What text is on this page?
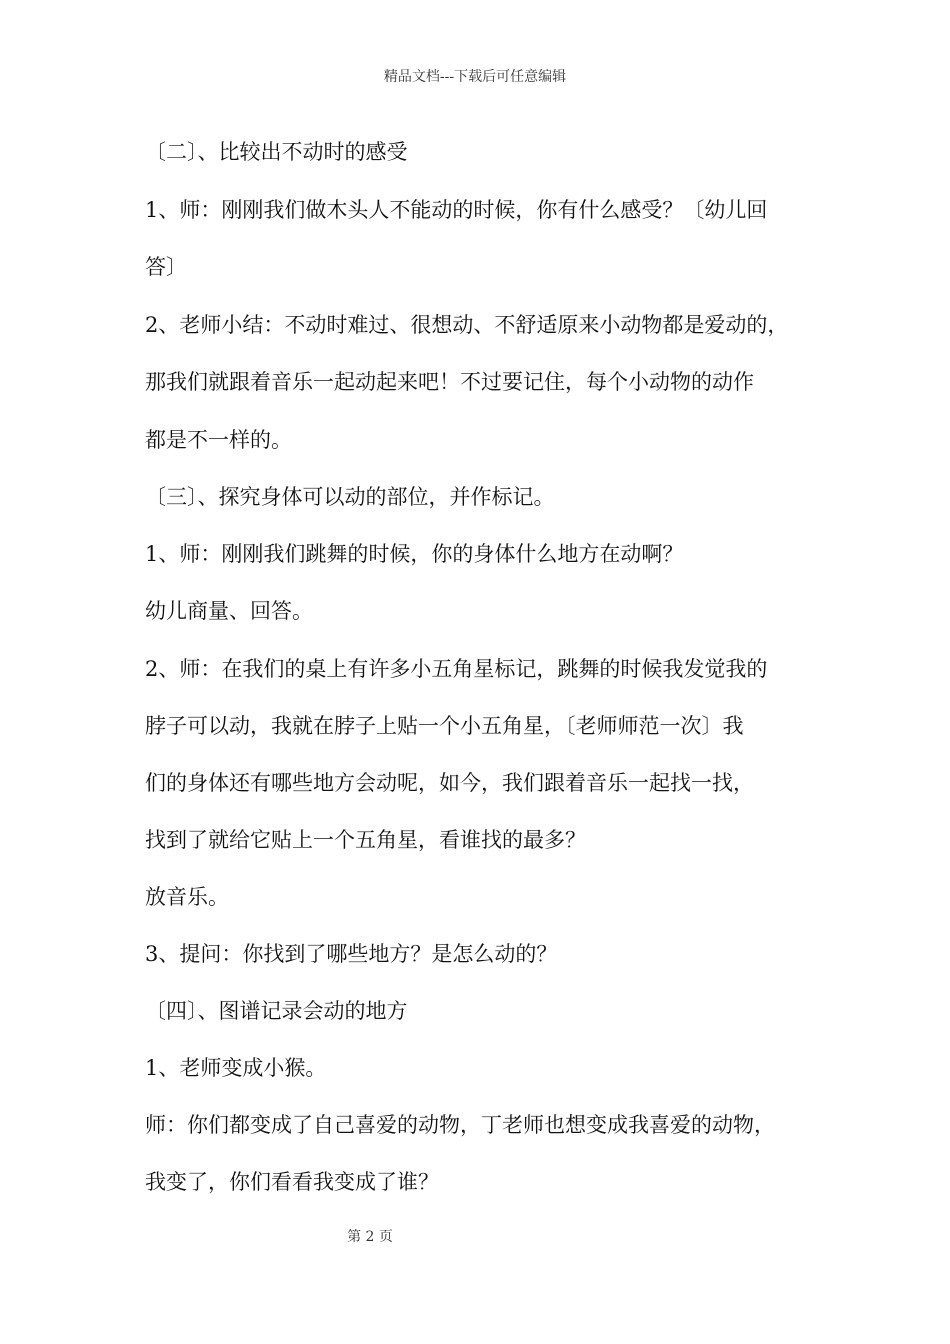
精品文档---下载后可任意编辑
〔二〕、比较出不动时的感受
1、师：刚刚我们做木头人不能动的时候，你有什么感受？〔幼儿回
答〕
2、老师小结：不动时难过、很想动、不舒适原来小动物都是爱动的，
那我们就跟着音乐一起动起来吧！不过要记住，每个小动物的动作
都是不一样的。
〔三〕、探究身体可以动的部位，并作标记。
1、师：刚刚我们跳舞的时候，你的身体什么地方在动啊？
幼儿商量、回答。
2、师：在我们的桌上有许多小五角星标记，跳舞的时候我发觉我的
脖子可以动，我就在脖子上贴一个小五角星，〔老师师范一次〕我
们的身体还有哪些地方会动呢，如今，我们跟着音乐一起找一找，
找到了就给它贴上一个五角星，看谁找的最多？
放音乐。
3、提问：你找到了哪些地方？是怎么动的？
〔四〕、图谱记录会动的地方
1、老师变成小猴。
师：你们都变成了自己喜爱的动物，丁老师也想变成我喜爱的动物，
我变了，你们看看我变成了谁？
第 2 页
